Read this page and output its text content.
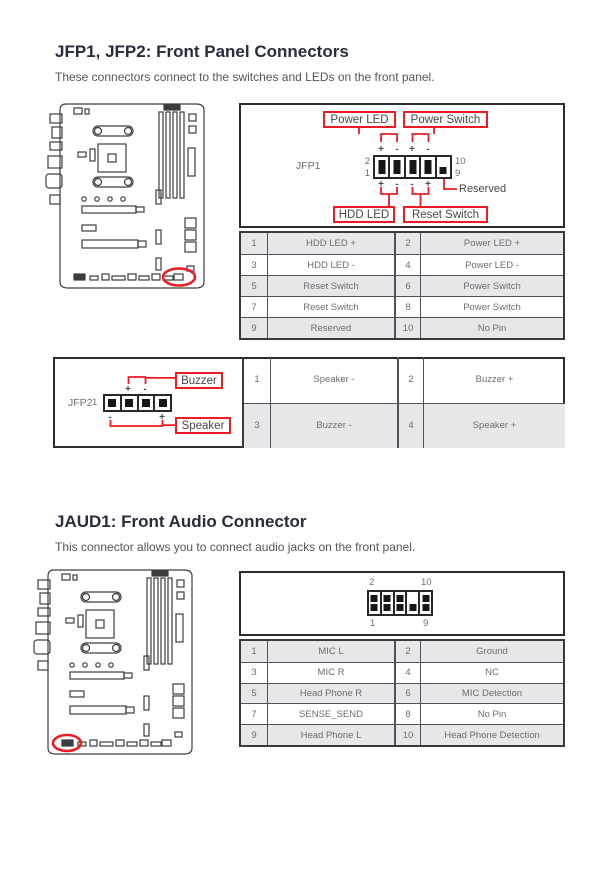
JFP1, JFP2: Front Panel Connectors
These connectors connect to the switches and LEDs on the front panel.
Power LED	Power Switch
HDD LED	Reset Switch
Reserved
JFP1	2
1
10
9
+	-	+	-
+	-	-	+
1	HDD LED +	2	Power LED +
3	HDD LED -	4	Power LED -
5	Reset Switch	6	Power Switch
7	Reset Switch	8	Power Switch
9	Reserved	10	No Pin
JFP2 1
+	-
-	+
Buzzer
Speaker
1	Speaker -	2	Buzzer +
3	Buzzer -	4	Speaker +
JAUD1: Front Audio Connector
This connector allows you to connect audio jacks on the front panel.
2	10
1	9
1	MIC L	2	Ground
3	MIC R	4	NC
5	Head Phone R	6	MIC Detection
7	SENSE_SEND	8	No Pin
9	Head Phone L	10	Head Phone Detection
